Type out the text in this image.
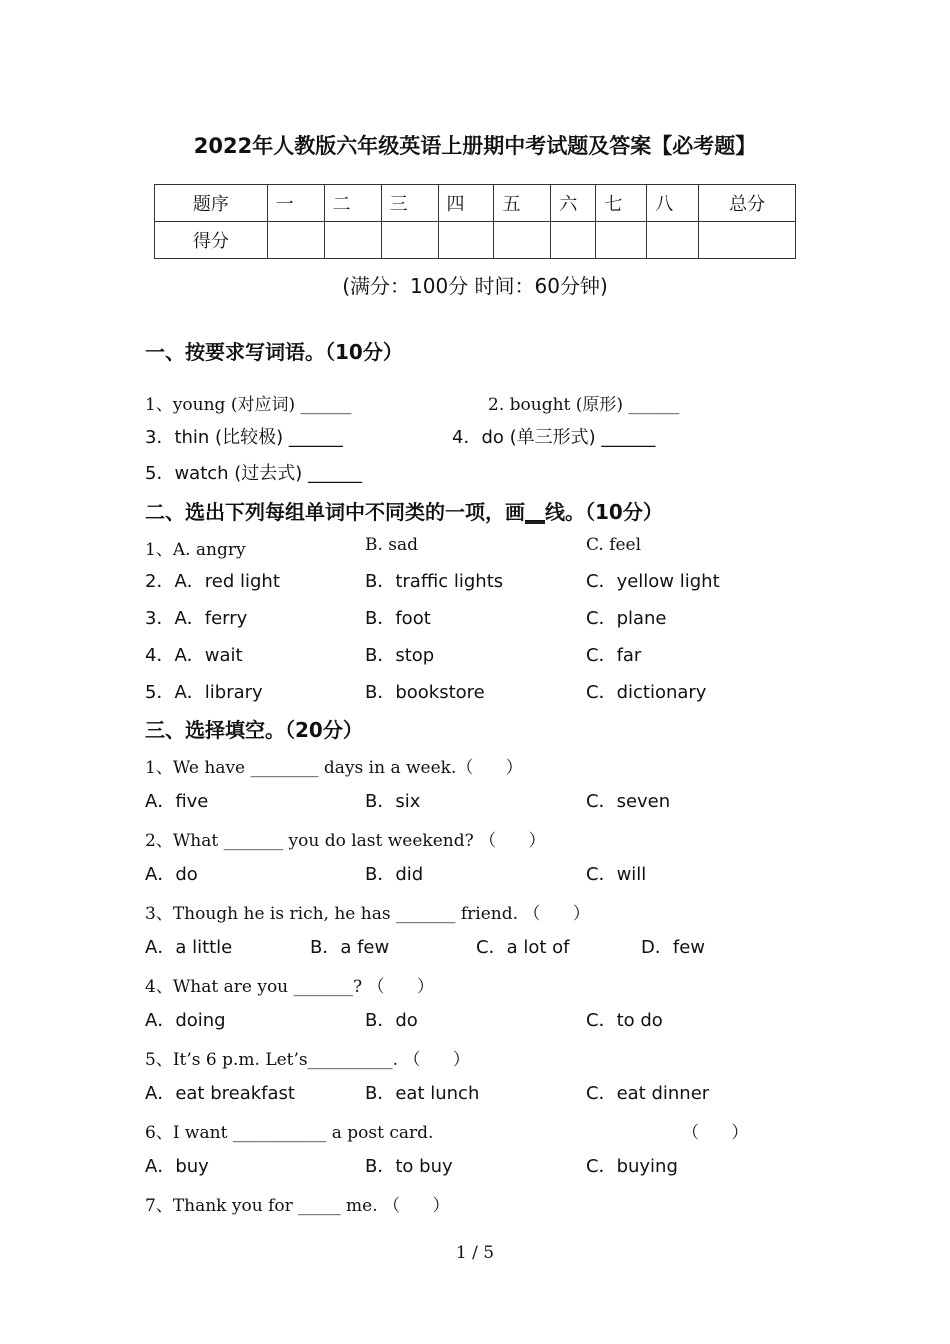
2022年人教版六年级英语上册期中考试题及答案【必考题】
题序	一	二	三	四	五	六	七	八	总分
得分									
(满分：100分 时间：60分钟)
一、按要求写词语。（10分）
1、young (对应词) ______	2. bought (原形) ______
3．thin (比较极) ______	4．do (单三形式) ______
5．watch (过去式) ______
二、选出下列每组单词中不同类的一项，画__线。（10分）
1、A. angry	B. sad	C. feel
2．A．red light	B．traffic lights	C．yellow light
3．A．ferry	B．foot	C．plane
4．A．wait	B．stop	C．far
5．A．library	B．bookstore	C．dictionary
三、选择填空。（20分）
1、We have ________ days in a week.（      ）
A．five	B．six	C．seven
2、What _______ you do last weekend? （      ）
A．do	B．did	C．will
3、Though he is rich, he has _______ friend. （      ）
A．a little	B．a few	C．a lot of	D．few
4、What are you _______? （      ）
A．doing	B．do	C．to do
5、It’s 6 p.m. Let’s__________. （      ）
A．eat breakfast	B．eat lunch	C．eat dinner
6、I want ___________ a post card.	（      ）
A．buy	B．to buy	C．buying
7、Thank you for _____ me. （      ）
1 / 5
